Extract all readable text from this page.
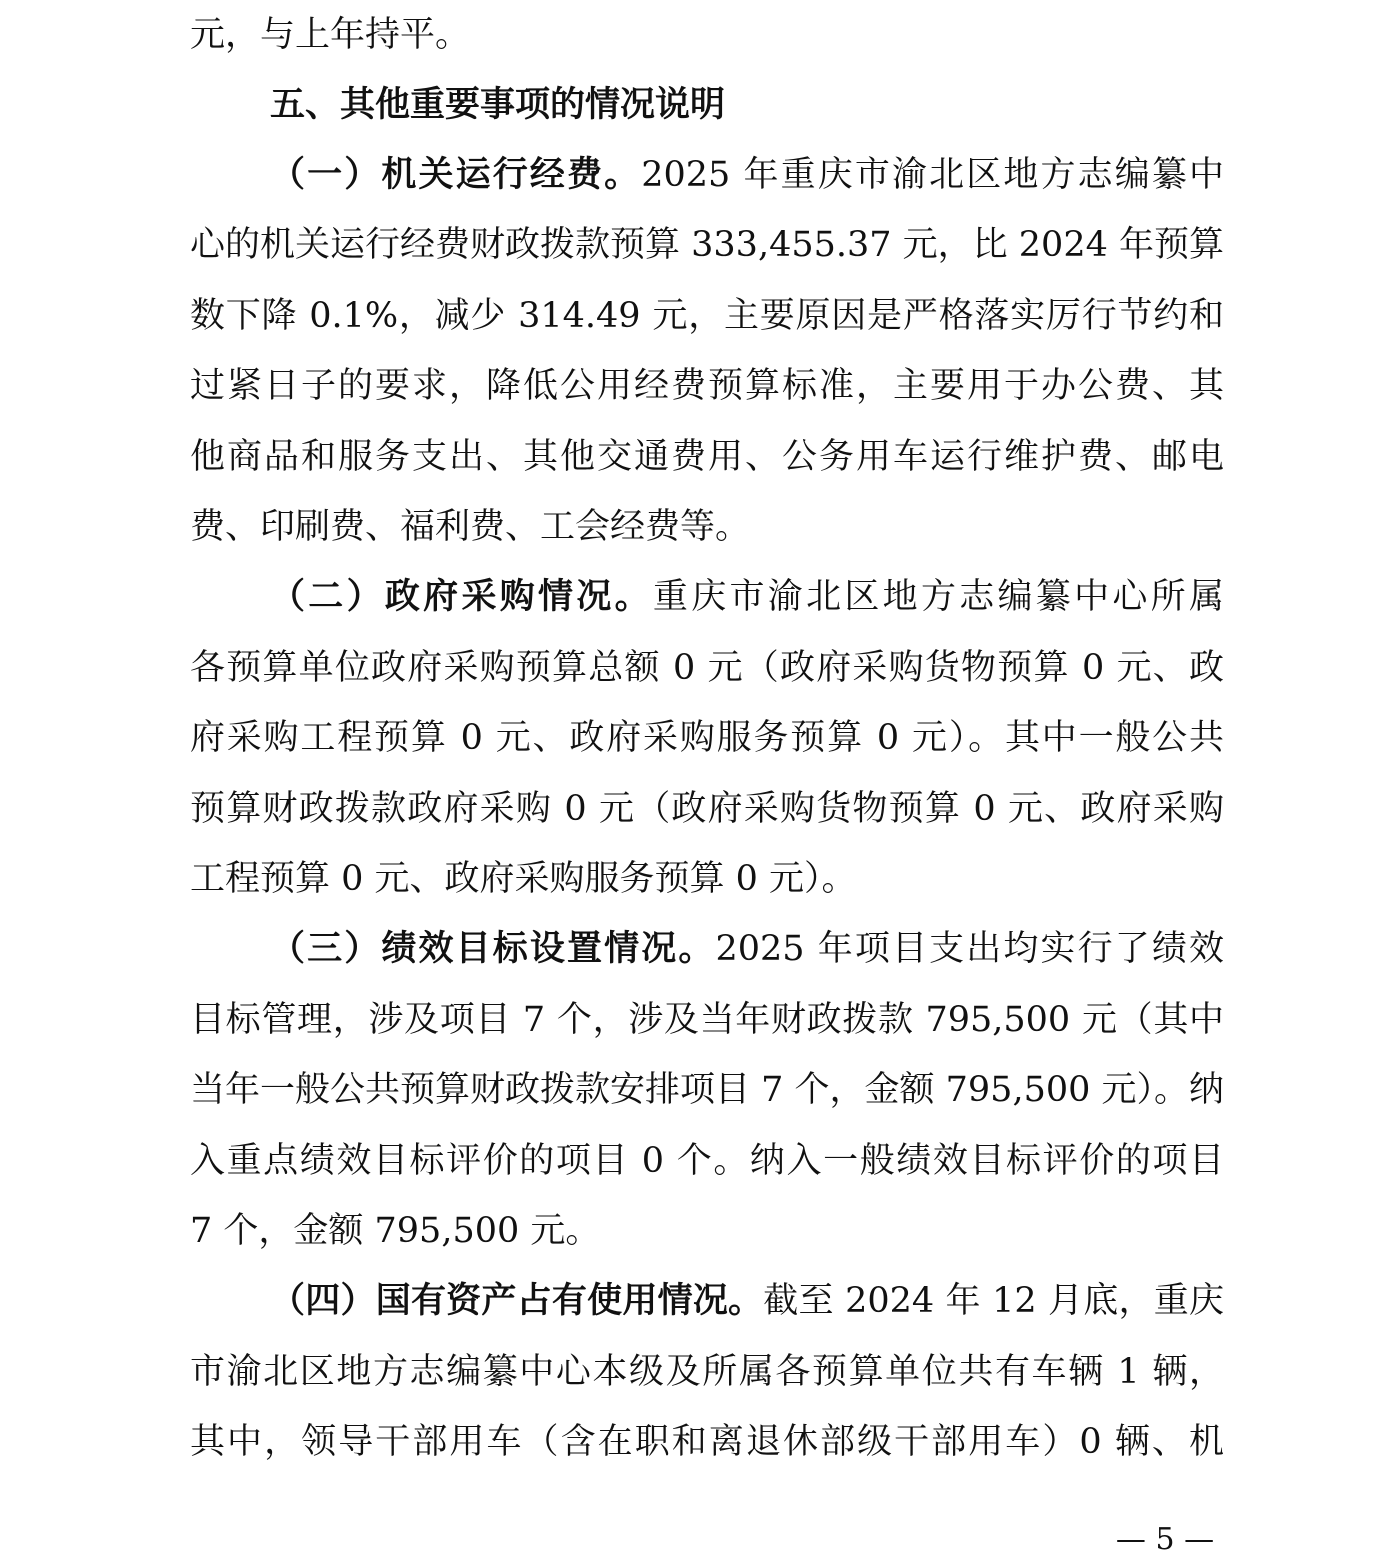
元，与上年持平。
五、其他重要事项的情况说明
（一）机关运行经费。2025 年重庆市渝北区地方志编纂中
心的机关运行经费财政拨款预算 333,455.37 元，比 2024 年预算
数下降 0.1%，减少 314.49 元，主要原因是严格落实厉行节约和
过紧日子的要求，降低公用经费预算标准，主要用于办公费、其
他商品和服务支出、其他交通费用、公务用车运行维护费、邮电
费、印刷费、福利费、工会经费等。
（二）政府采购情况。重庆市渝北区地方志编纂中心所属
各预算单位政府采购预算总额 0 元（政府采购货物预算 0 元、政
府采购工程预算 0 元、政府采购服务预算 0 元）。其中一般公共
预算财政拨款政府采购 0 元（政府采购货物预算 0 元、政府采购
工程预算 0 元、政府采购服务预算 0 元）。
（三）绩效目标设置情况。2025 年项目支出均实行了绩效
目标管理，涉及项目 7 个，涉及当年财政拨款 795,500 元（其中
当年一般公共预算财政拨款安排项目 7 个，金额 795,500 元）。纳
入重点绩效目标评价的项目 0 个。纳入一般绩效目标评价的项目
7 个，金额 795,500 元。
（四）国有资产占有使用情况。截至 2024 年 12 月底，重庆
市渝北区地方志编纂中心本级及所属各预算单位共有车辆 1 辆，
其中，领导干部用车（含在职和离退休部级干部用车）0 辆、机
— 5 —
